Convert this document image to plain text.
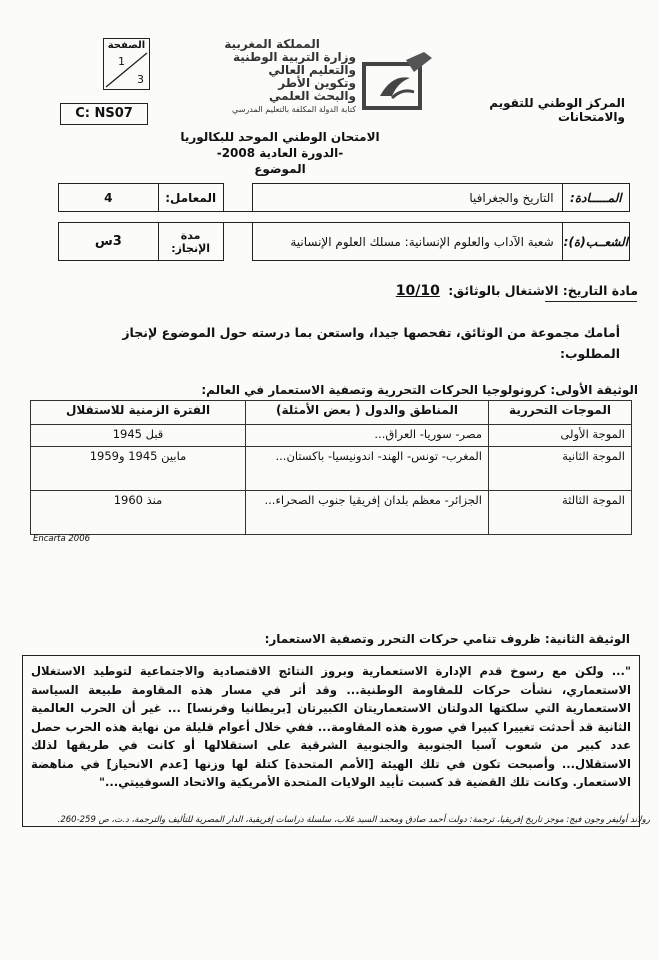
الصفحة
1
3
C: NS07
المملكة المغربية
وزارة التربية الوطنية
والتعليم العالي
وتكوين الأطر
والبحث العلمي
كتابة الدولة المكلفة بالتعليم المدرسي	المركز الوطني للتقويم والامتحانات
الامتحان الوطني الموحد للبكالوريا
-الدورة العادية 2008-
الموضوع
المـــــادة:	التاريخ والجغرافيا		المعامل:	4

الشعــب(ة):	شعبة الآداب والعلوم الإنسانية: مسلك العلوم الإنسانية		مدة الإنجاز:	3س
مادة التاريخ: الاشتغال بالوثائق: 10/10
أمامك مجموعة من الوثائق، تفحصها جيدا، واستعن بما درسته حول الموضوع لإنجاز المطلوب:
الوثيقة الأولى: كرونولوجيا الحركات التحررية وتصفية الاستعمار في العالم:
الموجات التحررية	المناطق والدول ( بعض الأمثلة)	الفترة الزمنية للاستقلال
الموجة الأولى	مصر- سوريا- العراق...	قبل 1945
الموجة الثانية	المغرب- تونس- الهند- اندونيسيا- باكستان...	مابين 1945 و1959
الموجة الثالثة	الجزائر- معظم بلدان إفريقيا جنوب الصحراء...	منذ 1960
Encarta 2006
الوثيقة الثانية: ظروف تنامي حركات التحرر وتصفية الاستعمار:
"... ولكن مع رسوخ قدم الإدارة الاستعمارية وبروز النتائج الاقتصادية والاجتماعية لتوطيد الاستغلال الاستعماري، نشأت حركات للمقاومة الوطنية... وقد أثر في مسار هذه المقاومة طبيعة السياسة الاستعمارية التي سلكتها الدولتان الاستعماريتان الكبيرتان [بريطانيا وفرنسا] ... غير أن الحرب العالمية الثانية قد أحدثت تغييرا كبيرا في صورة هذه المقاومة... ففي خلال أعوام قليلة من نهاية هذه الحرب حصل عدد كبير من شعوب آسيا الجنوبية والجنوبية الشرقية على استقلالها أو كانت في طريقها لذلك الاستقلال... وأصبحت تكون في تلك الهيئة [الأمم المتحدة] كتلة لها وزنها [عدم الانحياز] في مناهضة الاستعمار. وكانت تلك القضية قد كسبت تأييد الولايات المتحدة الأمريكية والاتحاد السوفييتي..."
رولاند أوليفر وجون فيج: موجز تاريخ إفريقيا، ترجمة: دولت أحمد صادق ومحمد السيد غلاب، سلسلة دراسات إفريقية، الدار المصرية للتأليف والترجمة، د.ت، ص 259-260.
